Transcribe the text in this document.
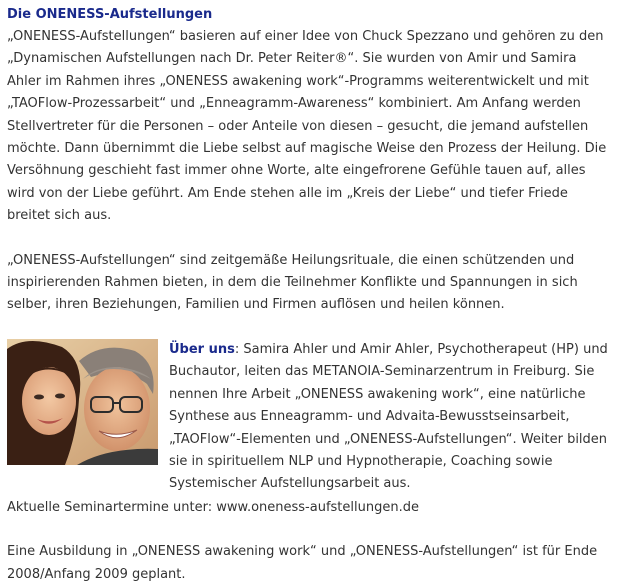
Die ONENESS-Aufstellungen

„ONENESS-Aufstellungen“ basieren auf einer Idee von Chuck Spezzano und gehören zu den „Dynamischen Aufstellungen nach Dr. Peter Reiter®“. Sie wurden von Amir und Samira Ahler im Rahmen ihres „ONENESS awakening work“-Programms weiterentwickelt und mit „TAOFlow-Prozessarbeit“ und „Enneagramm-Awareness“ kombiniert. Am Anfang werden Stellvertreter für die Personen – oder Anteile von diesen – gesucht, die jemand aufstellen möchte. Dann übernimmt die Liebe selbst auf magische Weise den Prozess der Heilung. Die Versöhnung geschieht fast immer ohne Worte, alte eingefrorene Gefühle tauen auf, alles wird von der Liebe geführt. Am Ende stehen alle im „Kreis der Liebe“ und tiefer Friede breitet sich aus.

„ONENESS-Aufstellungen“ sind zeitgemäße Heilungsrituale, die einen schützenden und inspirierenden Rahmen bieten, in dem die Teilnehmer Konflikte und Spannungen in sich selber, ihren Beziehungen, Familien und Firmen auflösen und heilen können.

Über uns: Samira Ahler und Amir Ahler, Psychotherapeut (HP) und Buchautor, leiten das METANOIA-Seminarzentrum in Freiburg. Sie nennen Ihre Arbeit „ONENESS awakening work“, eine natürliche Synthese aus Enneagramm- und Advaita-Bewusstseinsarbeit, „TAOFlow“-Elementen und „ONENESS-Aufstellungen“. Weiter bilden sie in spirituellem NLP und Hypnotherapie, Coaching sowie Systemischer Aufstellungsarbeit aus.

Aktuelle Seminartermine unter: www.oneness-aufstellungen.de

Eine Ausbildung in „ONENESS awakening work“ und „ONENESS-Aufstellungen“ ist für Ende 2008/Anfang 2009 geplant.
